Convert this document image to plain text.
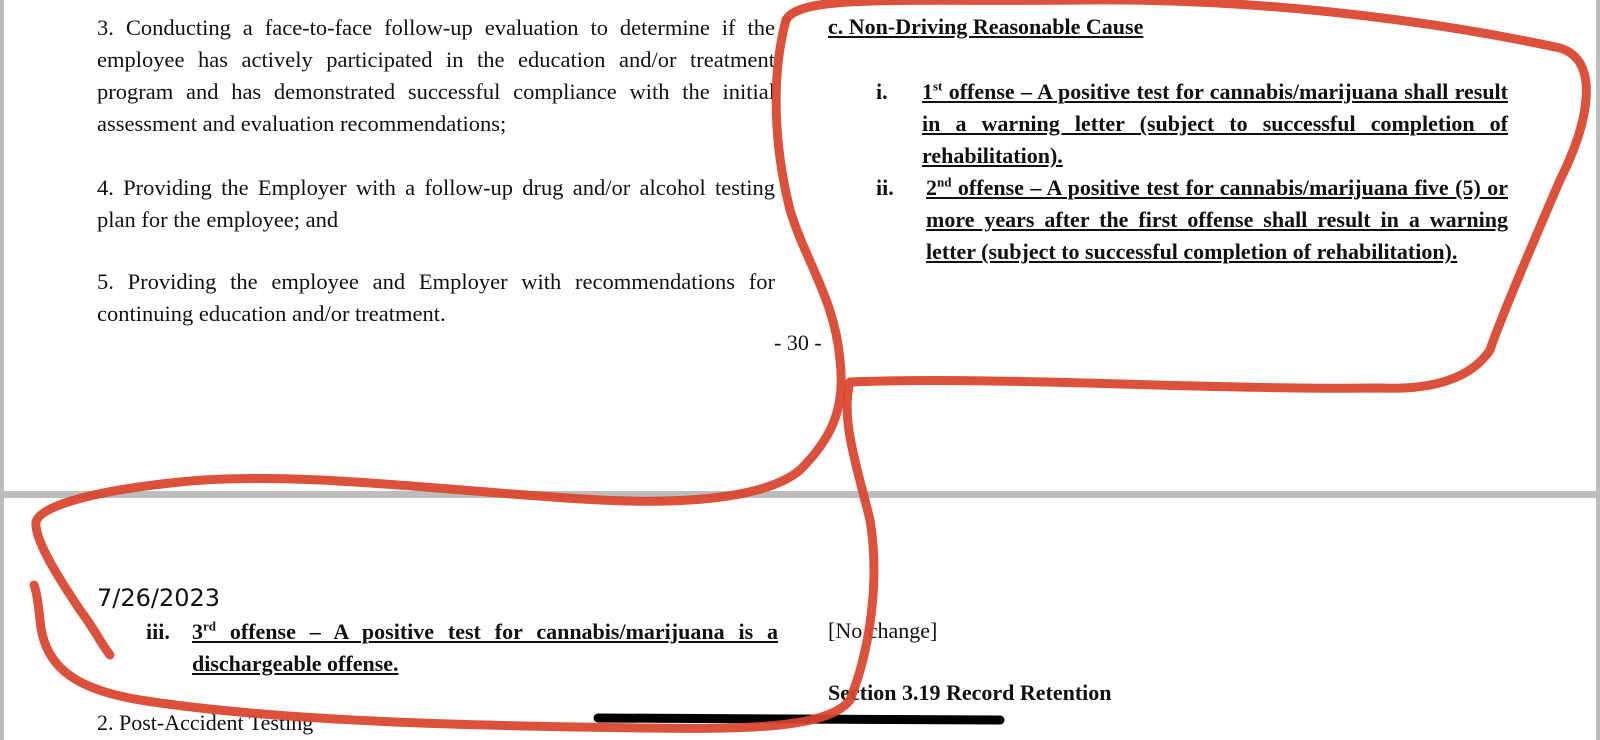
3. Conducting a face-to-face follow-up evaluation to determine if the employee has actively participated in the education and/or treatment program and has demonstrated successful compliance with the initial assessment and evaluation recommendations;

4. Providing the Employer with a follow-up drug and/or alcohol testing plan for the employee; and

5. Providing the employee and Employer with recommendations for continuing education and/or treatment.

c. Non-Driving Reasonable Cause
i. 1st offense – A positive test for cannabis/marijuana shall result in a warning letter (subject to successful completion of rehabilitation).
ii. 2nd offense – A positive test for cannabis/marijuana five (5) or more years after the first offense shall result in a warning letter (subject to successful completion of rehabilitation).
- 30 -
7/26/2023
iii. 3rd offense – A positive test for cannabis/marijuana is a dischargeable offense.
[No change]
Section 3.19 Record Retention
2. Post-Accident Testing
